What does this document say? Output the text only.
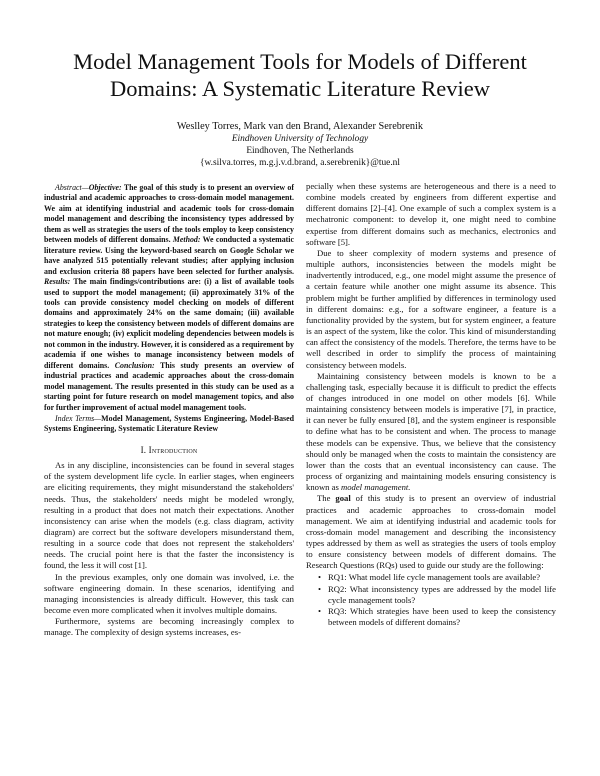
Model Management Tools for Models of Different
Domains: A Systematic Literature Review
Weslley Torres, Mark van den Brand, Alexander Serebrenik
Eindhoven University of Technology
Eindhoven, The Netherlands
{w.silva.torres, m.g.j.v.d.brand, a.serebrenik}@tue.nl

Abstract—Objective: The goal of this study is to present an overview of industrial and academic approaches to cross-domain model management. We aim at identifying industrial and academic tools for cross-domain model management and describing the inconsistency types addressed by them as well as strategies the users of the tools employ to keep consistency between models of different domains. Method: We conducted a systematic literature review. Using the keyword-based search on Google Scholar we have analyzed 515 potentially relevant studies; after applying inclusion and exclusion criteria 88 papers have been selected for further analysis. Results: The main findings/contributions are: (i) a list of available tools used to support the model management; (ii) approximately 31% of the tools can provide consistency model checking on models of different domains and approximately 24% on the same domain; (iii) available strategies to keep the consistency between models of different domains are not mature enough; (iv) explicit modeling dependencies between models is not common in the industry. However, it is considered as a requirement by academia if one wishes to manage inconsistency between models of different domains. Conclusion: This study presents an overview of industrial practices and academic approaches about the cross-domain model management. The results presented in this study can be used as a starting point for future research on model management topics, and also for further improvement of actual model management tools.

Index Terms—Model Management, Systems Engineering, Model-Based Systems Engineering, Systematic Literature Review

I. Introduction

As in any discipline, inconsistencies can be found in several stages of the system development life cycle. In earlier stages, when engineers are eliciting requirements, they might misunderstand the stakeholders' needs. Thus, the stakeholders' needs might be modeled wrongly, resulting in a product that does not match their expectations. Another inconsistency can arise when the models (e.g. class diagram, activity diagram) are correct but the software developers misunderstand them, resulting in a source code that does not represent the stakeholders' needs. The crucial point here is that the faster the inconsistency is found, the less it will cost [1].

In the previous examples, only one domain was involved, i.e. the software engineering domain. In these scenarios, identifying and managing inconsistencies is already difficult. However, this task can become even more complicated when it involves multiple domains.

Furthermore, systems are becoming increasingly complex to manage. The complexity of design systems increases, es-

pecially when these systems are heterogeneous and there is a need to combine models created by engineers from different expertise and different domains [2]–[4]. One example of such a complex system is a mechatronic component: to develop it, one might need to combine expertise from different domains such as mechanics, electronics and software [5].

Due to sheer complexity of modern systems and presence of multiple authors, inconsistencies between the models might be inadvertently introduced, e.g., one model might assume the presence of a certain feature while another one might assume its absence. This problem might be further amplified by differences in terminology used in different domains: e.g., for a software engineer, a feature is a functionality provided by the system, but for system engineer, a feature is an aspect of the system, like the color. This kind of misunderstanding can affect the consistency of the models. Therefore, the terms have to be well described in order to simplify the process of maintaining consistency between models.

Maintaining consistency between models is known to be a challenging task, especially because it is difficult to predict the effects of changes introduced in one model on other models [6]. While maintaining consistency between models is imperative [7], in practice, it can never be fully ensured [8], and the system engineer is responsible to define what has to be consistent and when. The process to manage these models can be expensive. Thus, we believe that the consistency should only be managed when the costs to maintain the consistency are lower than the costs that an eventual inconsistency can cause. The process of organizing and maintaining models ensuring consistency is known as model management.

The goal of this study is to present an overview of industrial practices and academic approaches to cross-domain model management. We aim at identifying industrial and academic tools for cross-domain model management and describing the inconsistency types addressed by them as well as strategies the users of tools employ to ensure consistency between models of different domains. The Research Questions (RQs) used to guide our study are the following:

• RQ1: What model life cycle management tools are available?
• RQ2: What inconsistency types are addressed by the model life cycle management tools?
• RQ3: Which strategies have been used to keep the consistency between models of different domains?
